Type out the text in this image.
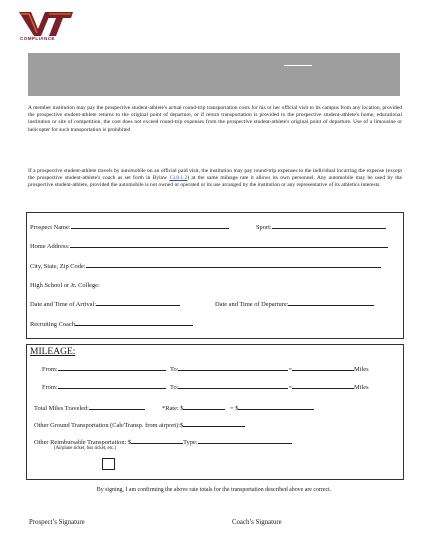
COMPLIANCE
A member institution may pay the prospective student-athlete's actual round-trip transportation costs for his or her official visit to its campus from any location, provided the prospective student-athlete returns to the original point of departure, or if return transportation is provided to the prospective student-athlete's home, educational institution or site of competition, the cost does not exceed round-trip expenses from the prospective student-athlete's original point of departure. Use of a limousine or helicopter for such transportation is prohibited
If a prospective student-athlete travels by automobile on an official paid visit, the institution may pay round-trip expenses to the individual incurring the expense (except the prospective student-athlete's coach as set forth in Bylaw 13.8.1.2) at the same mileage rate it allows its own personnel. Any automobile may be used by the prospective student-athlete, provided the automobile is not owned or operated or its use arranged by the institution or any representative of its athletics interests.
Prospect Name:	Sport:
Home Address:
City, State, Zip Code:
High School or Jr. College:
Date and Time of Arrival:	Date and Time of Departure:
Recruiting Coach
MILEAGE:
From:	To:	=	Miles
From:	To:	=	Miles
Total Miles Traveled:	*Rate: $	= $
Other Ground Transportation (Cab/Transp. from airport):$
Other Reimbursable Transportation: $	Type:
(Airplane ticket, bus ticket, etc.)
By signing, I am confirming the above rate totals for the transportation described above are correct.
Prospect’s Signature	Coach’s Signature
